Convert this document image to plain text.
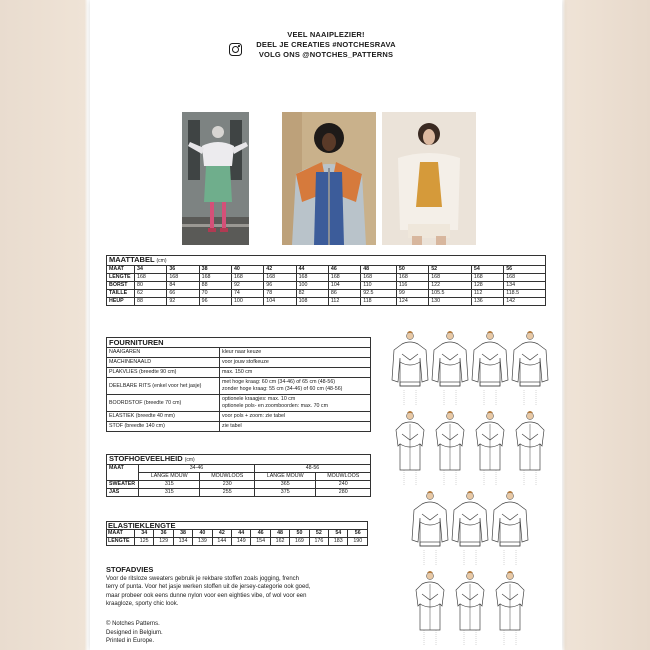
VEEL NAAIPLEZIER!
DEEL JE CREATIES #NOTCHESRAVA
VOLG ONS @NOTCHES_PATTERNS
MAATTABEL (cm)												
MAAT	34	36	38	40	42	44	46	48	50	52	54	56
LENGTE	168	168	168	168	168	168	168	168	168	168	168	168
BORST	80	84	88	92	96	100	104	110	116	122	128	134
TAILLE	62	66	70	74	78	82	86	92.5	99	105.5	112	118.5
HEUP	88	92	96	100	104	108	112	118	124	130	136	142
FOURNITUREN	
NAAIGAREN	kleur naar keuze

MACHINENAALD	voor jouw stofkeuze

PLAKVLIES (breedte 90 cm)	max. 150 cm

DEELBARE RITS (enkel voor het jasje)	met hoge kraag: 60 cm (34-46) of 65 cm (48-56)
zonder hoge kraag: 55 cm (34-46) of 60 cm (48-56)

BOORDSTOF (breedte 70 cm)	optionele kraagjes: max. 10 cm
optionele pols- en zoomboorden: max. 70 cm

ELASTIEK (breedte 40 mm)	voor pols + zoom: zie tabel

STOF (breedte 140 cm)	zie tabel
STOFHOEVEELHEID (cm)				
MAAT	34-46		48-56	
	LANGE MOUW	MOUWLOOS	LANGE MOUW	MOUWLOOS
SWEATER	315	230	365	240
JAS	315	255	375	280
ELASTIEKLENGTE												
MAAT	34	36	38	40	42	44	46	48	50	52	54	56
LENGTE	125	129	134	139	144	149	154	162	169	176	183	190
STOFADVIES
Voor de ritsloze sweaters gebruik je rekbare stoffen zoals jogging, french
terry of punta. Voor het jasje werken stoffen uit de jersey-categorie ook goed,
maar probeer ook eens dunne nylon voor een eighties vibe, of wol voor een
kraagloze, sporty chic look.
© Notches Patterns.
Designed in Belgium.
Printed in Europe.
